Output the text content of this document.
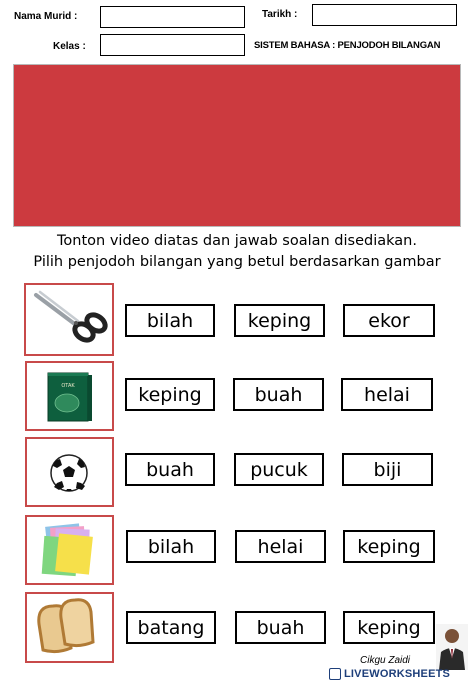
Nama Murid :	Tarikh :
Kelas :	SISTEM BAHASA : PENJODOH BILANGAN
Tonton video diatas dan jawab soalan disediakan.
Pilih penjodoh bilangan yang betul berdasarkan gambar
bilah	keping	ekor
OTAK	keping	buah	helai
buah	pucuk	biji
bilah	helai	keping
batang	buah	keping
Cikgu Zaidi
LIVEWORKSHEETS
